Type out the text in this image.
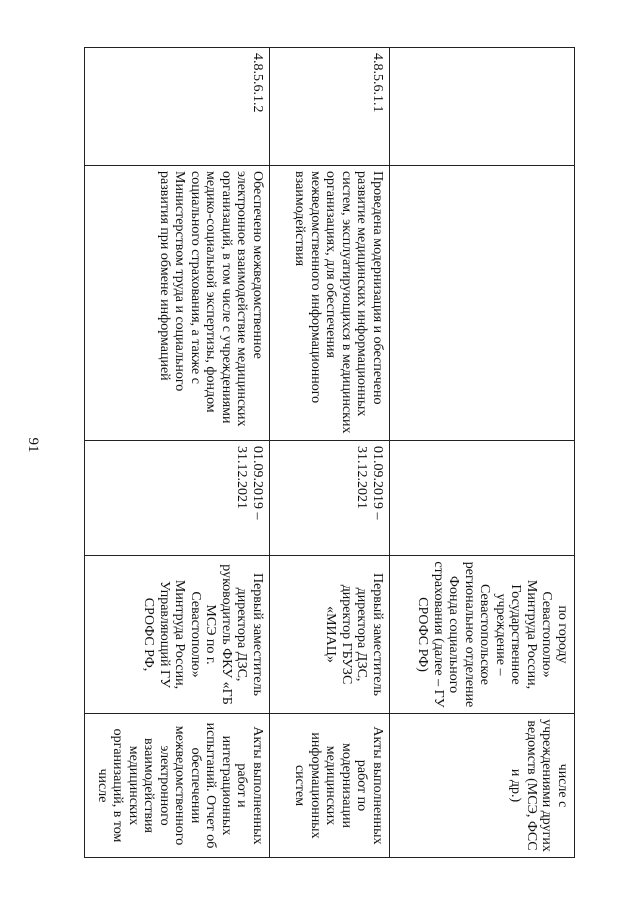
91
			по городу Севастополю» Минтруда России, Государственное учреждение – Севастопольское региональное отделение Фонда социального страхования (далее – ГУ СРОФС РФ)	числе с учреждениями других ведомств (МСЭ, ФСС и др.)
4.8.5.6.1.1	Проведена модернизация и обеспечено развитие медицинских информационных систем, эксплуатирующихся в медицинских организациях, для обеспечения межведомственного информационного взаимодействия	01.09.2019 – 31.12.2021	Первый заместитель директора ДЗС, директор ГБУЗС «МИАЦ»	Акты выполненных работ по модернизации медицинских информационных систем
4.8.5.6.1.2	Обеспечено межведомственное электронное взаимодействие медицинских организаций, в том числе с учреждениями медико-социальной экспертизы, фондом социального страхования, а также с Министерством труда и социального развития при обмене информацией	01.09.2019 – 31.12.2021	Первый заместитель директора ДЗС, руководитель ФКУ «ГБ МСЭ по г. Севастополю» Минтруда России, Управляющий ГУ СРОФС РФ,	Акты выполненных работ и интеграционных испытаний. Отчет об обеспечении межведомственного электронного взаимодействия медицинских организаций, в том числе
